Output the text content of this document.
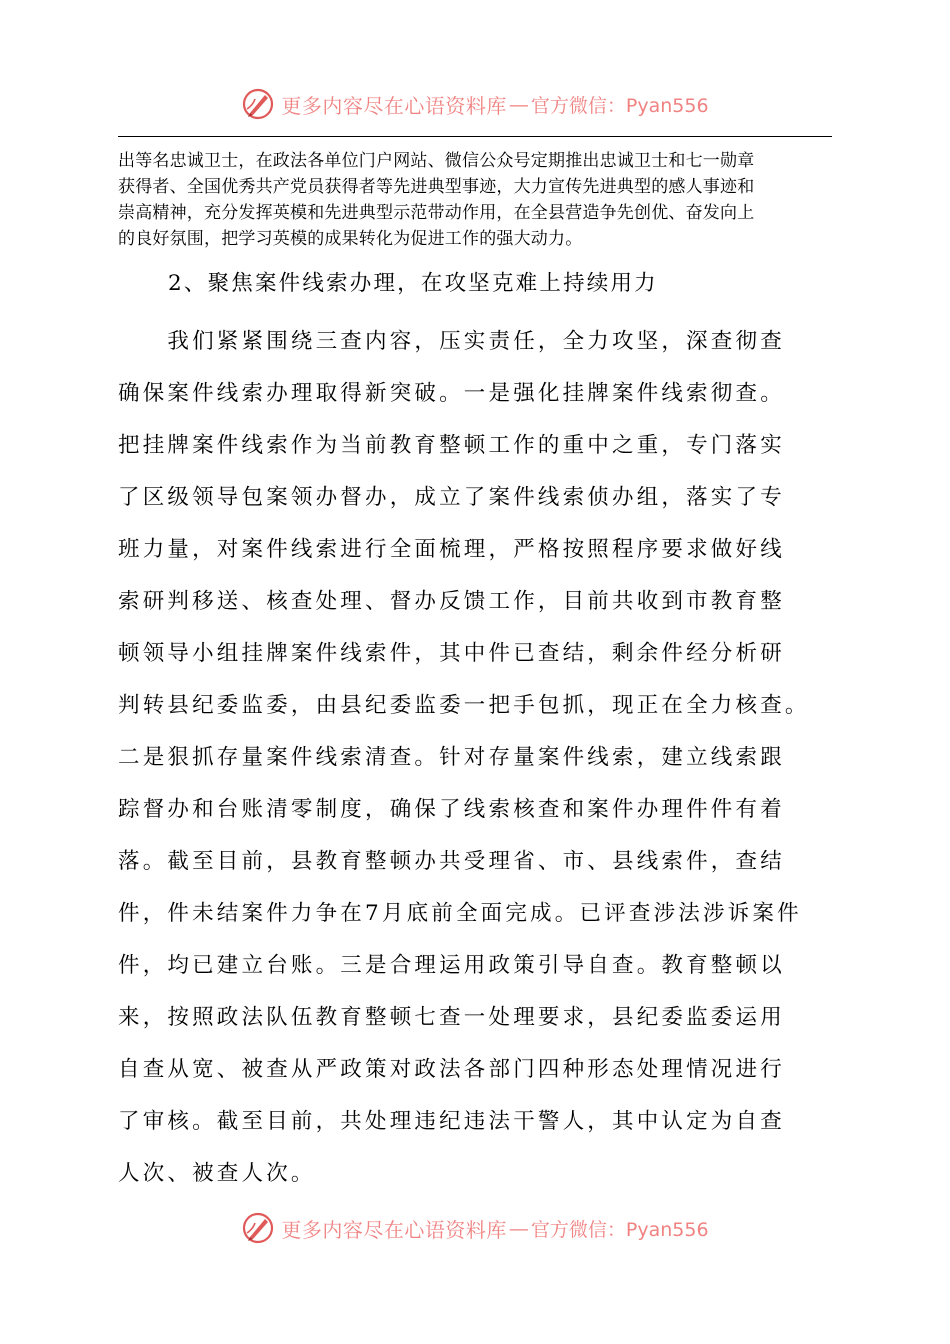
更多内容尽在心语资料库 — 官方微信：Pyan556
出等名忠诚卫士，在政法各单位门户网站、微信公众号定期推出忠诚卫士和七一勋章
获得者、全国优秀共产党员获得者等先进典型事迹，大力宣传先进典型的感人事迹和
崇高精神，充分发挥英模和先进典型示范带动作用，在全县营造争先创优、奋发向上
的良好氛围，把学习英模的成果转化为促进工作的强大动力。
2、聚焦案件线索办理，在攻坚克难上持续用力
　　我们紧紧围绕三查内容，压实责任，全力攻坚，深查彻查
确保案件线索办理取得新突破。一是强化挂牌案件线索彻查。
把挂牌案件线索作为当前教育整顿工作的重中之重，专门落实
了区级领导包案领办督办，成立了案件线索侦办组，落实了专
班力量，对案件线索进行全面梳理，严格按照程序要求做好线
索研判移送、核查处理、督办反馈工作，目前共收到市教育整
顿领导小组挂牌案件线索件，其中件已查结，剩余件经分析研
判转县纪委监委，由县纪委监委一把手包抓，现正在全力核查。
二是狠抓存量案件线索清查。针对存量案件线索，建立线索跟
踪督办和台账清零制度，确保了线索核查和案件办理件件有着
落。截至目前，县教育整顿办共受理省、市、县线索件，查结
件，件未结案件力争在7月底前全面完成。已评查涉法涉诉案件
件，均已建立台账。三是合理运用政策引导自查。教育整顿以
来，按照政法队伍教育整顿七查一处理要求，县纪委监委运用
自查从宽、被查从严政策对政法各部门四种形态处理情况进行
了审核。截至目前，共处理违纪违法干警人，其中认定为自查
人次、被查人次。
更多内容尽在心语资料库 — 官方微信：Pyan556
